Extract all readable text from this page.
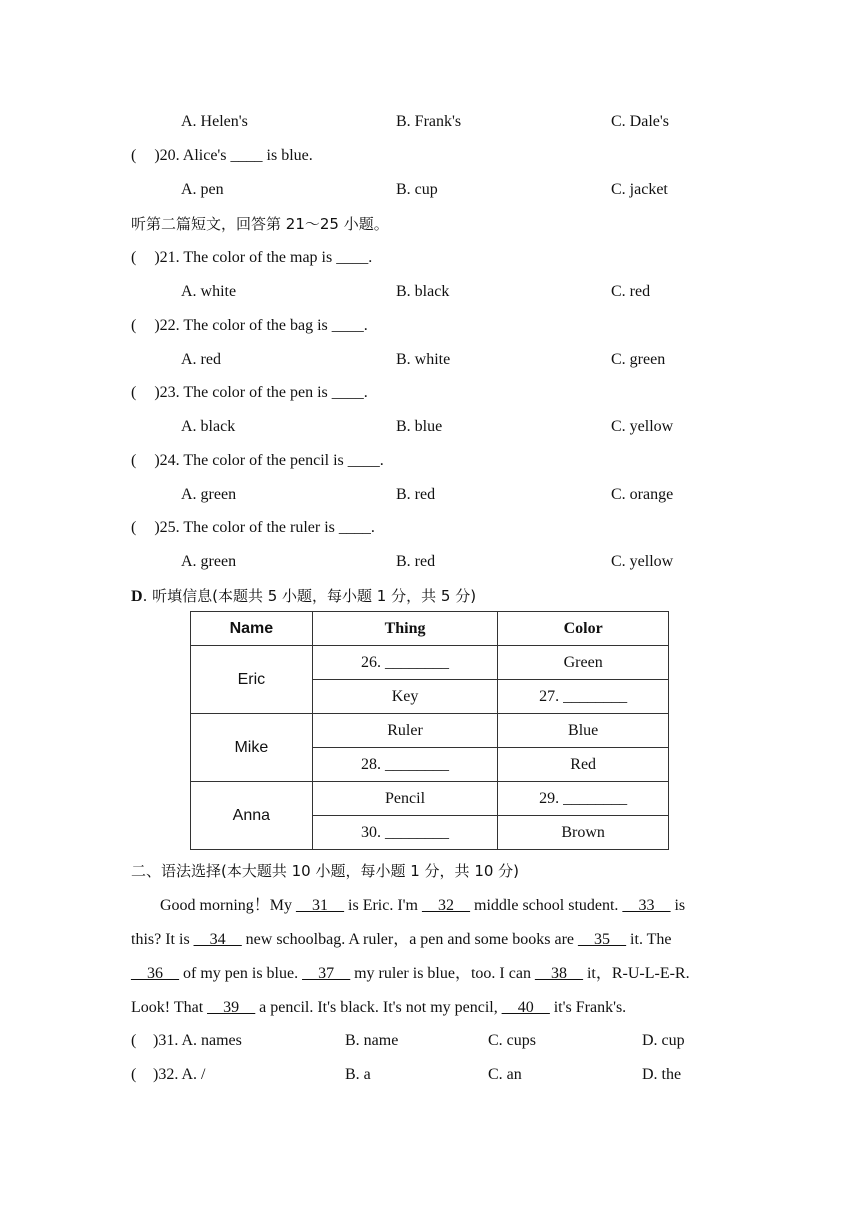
A. Helen's	B. Frank's	C. Dale's
( )20. Alice's ____ is blue.
A. pen	B. cup	C. jacket
听第二篇短文，回答第 21～25 小题。
( )21. The color of the map is ____.
A. white	B. black	C. red
( )22. The color of the bag is ____.
A. red	B. white	C. green
( )23. The color of the pen is ____.
A. black	B. blue	C. yellow
( )24. The color of the pencil is ____.
A. green	B. red	C. orange
( )25. The color of the ruler is ____.
A. green	B. red	C. yellow
D. 听填信息(本题共 5 小题，每小题 1 分，共 5 分)
Name	Thing	Color
Eric	26. ________	Green
	Key	27. ________
Mike	Ruler	Blue
	28. ________	Red
Anna	Pencil	29. ________
	30. ________	Brown
二、语法选择(本大题共 10 小题，每小题 1 分，共 10 分)
Good morning！My __31__ is Eric. I'm __32__ middle school student. __33__ is
this? It is __34__ new schoolbag. A ruler，a pen and some books are __35__ it. The
__36__ of my pen is blue. __37__ my ruler is blue，too. I can __38__ it，R-U-L-E-R.
Look! That __39__ a pencil. It's black. It's not my pencil, __40__ it's Frank's.
( )31. A. names	B. name	C. cups	D. cup
( )32. A. /	B. a	C. an	D. the
